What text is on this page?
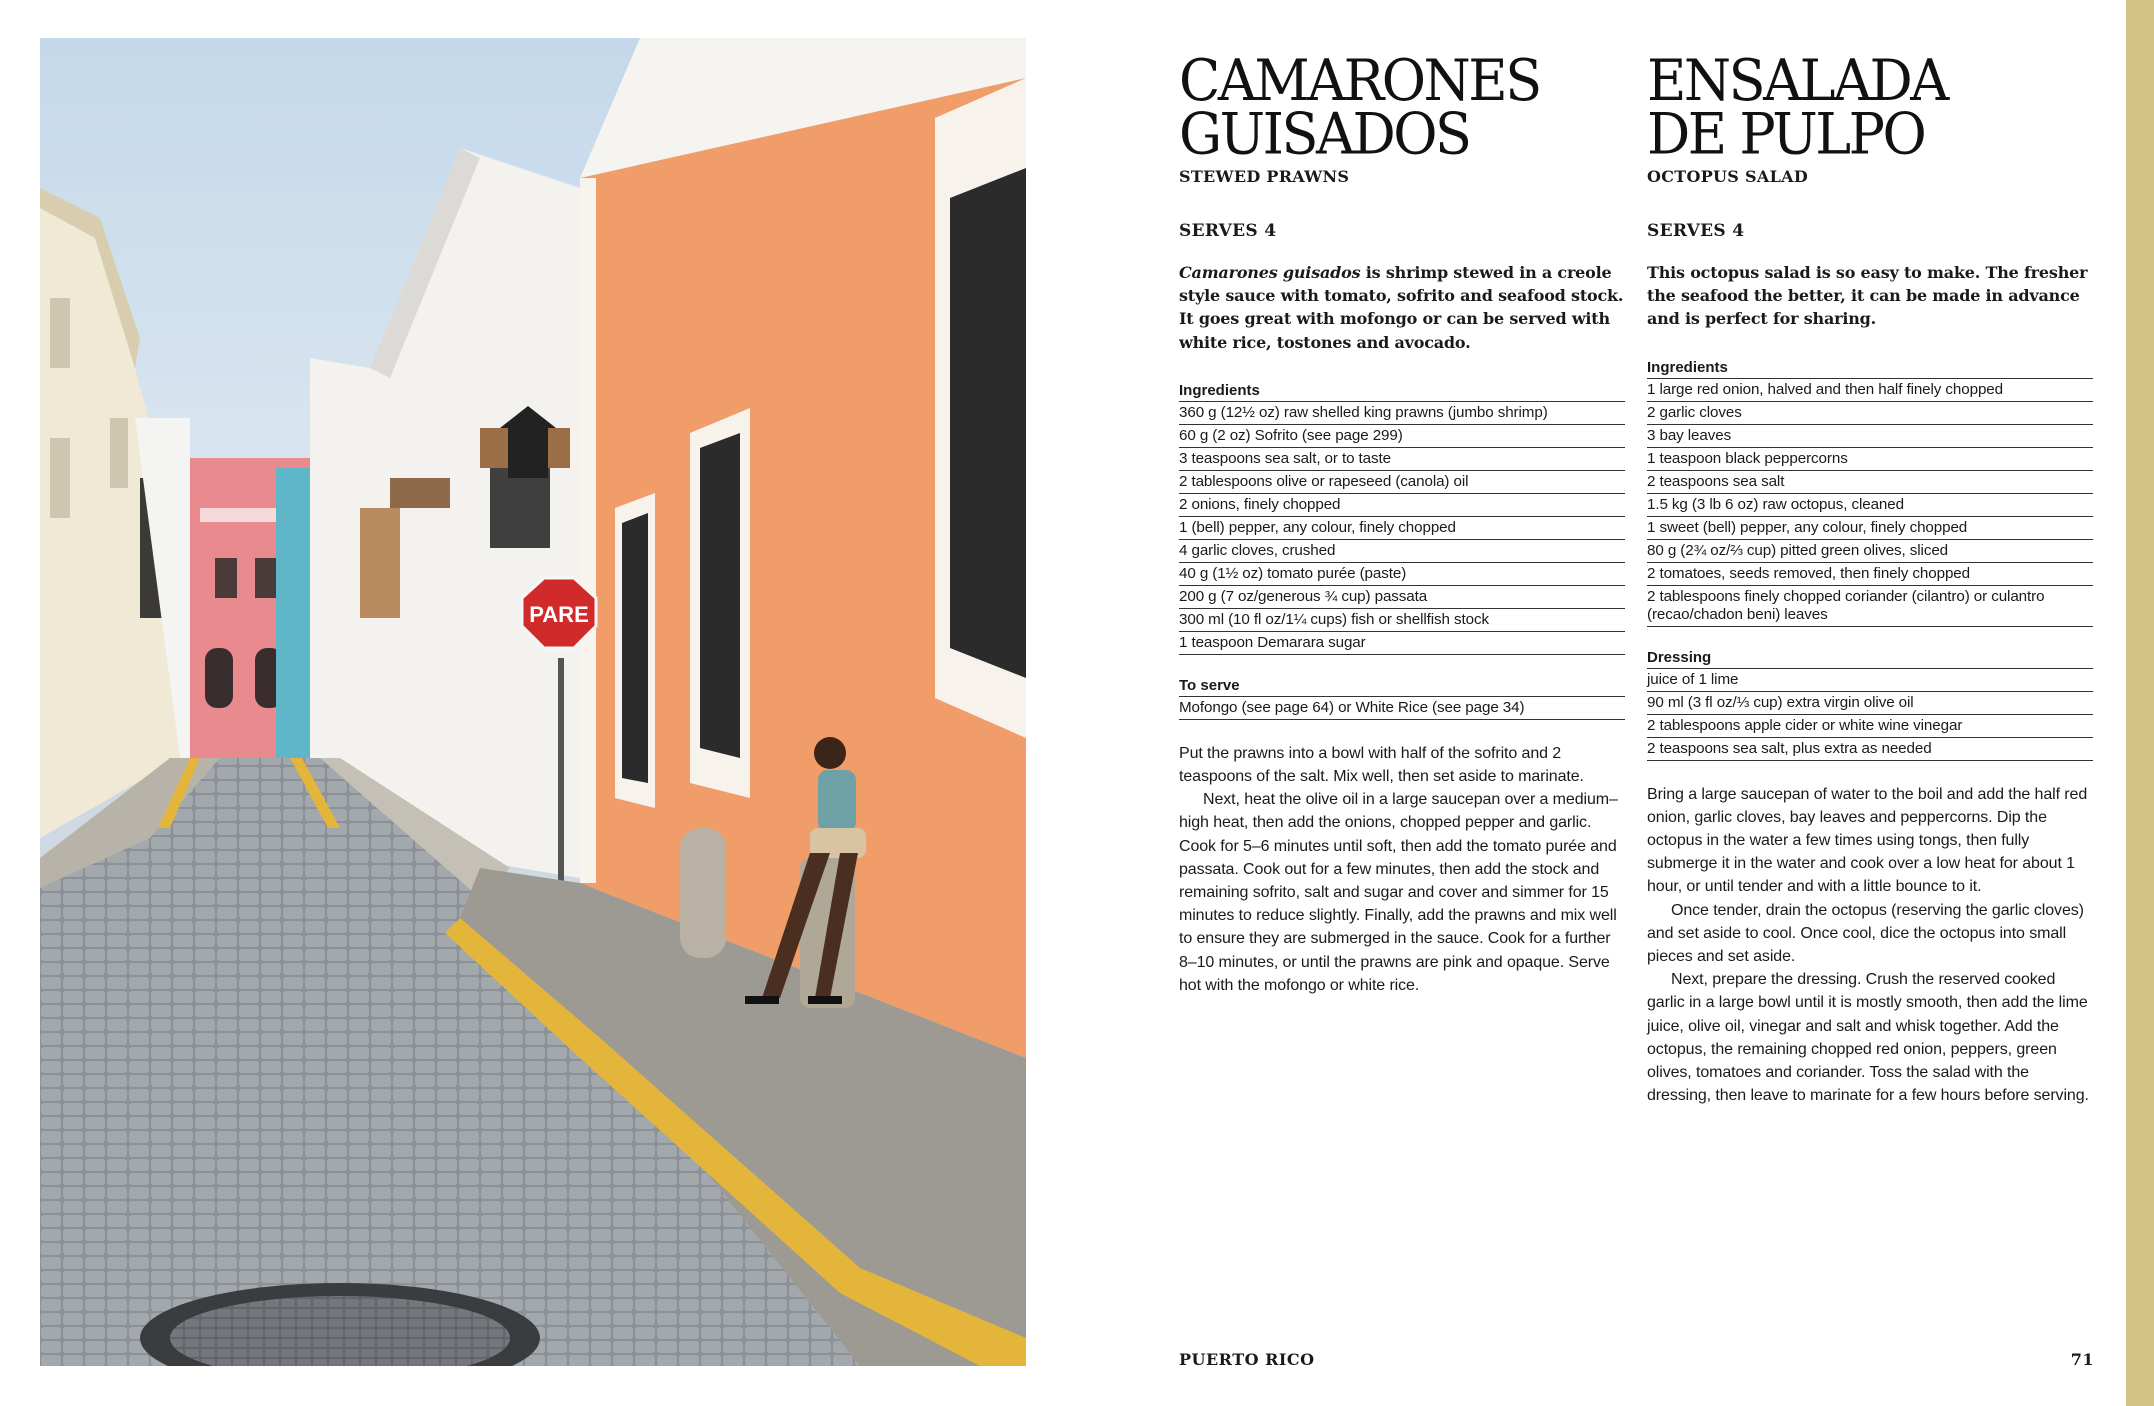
PARE
CAMARONES
GUISADOS
STEWED PRAWNS
SERVES 4

Camarones guisados is shrimp stewed in a creole style sauce with tomato, sofrito and seafood stock. It goes great with mofongo or can be served with white rice, tostones and avocado.

Ingredients
360 g (12½ oz) raw shelled king prawns (jumbo shrimp)
60 g (2 oz) Sofrito (see page 299)
3 teaspoons sea salt, or to taste
2 tablespoons olive or rapeseed (canola) oil
2 onions, finely chopped
1 (bell) pepper, any colour, finely chopped
4 garlic cloves, crushed
40 g (1½ oz) tomato purée (paste)
200 g (7 oz/generous ¾ cup) passata
300 ml (10 fl oz/1¼ cups) fish or shellfish stock
1 teaspoon Demarara sugar
To serve
Mofongo (see page 64) or White Rice (see page 34)

Put the prawns into a bowl with half of the sofrito and 2 teaspoons of the salt. Mix well, then set aside to marinate.

Next, heat the olive oil in a large saucepan over a medium–high heat, then add the onions, chopped pepper and garlic. Cook for 5–6 minutes until soft, then add the tomato purée and passata. Cook out for a few minutes, then add the stock and remaining sofrito, salt and sugar and cover and simmer for 15 minutes to reduce slightly. Finally, add the prawns and mix well to ensure they are submerged in the sauce. Cook for a further 8–10 minutes, or until the prawns are pink and opaque. Serve hot with the mofongo or white rice.

ENSALADA
DE PULPO
OCTOPUS SALAD
SERVES 4

This octopus salad is so easy to make. The fresher the seafood the better, it can be made in advance and is perfect for sharing.

Ingredients
1 large red onion, halved and then half finely chopped
2 garlic cloves
3 bay leaves
1 teaspoon black peppercorns
2 teaspoons sea salt
1.5 kg (3 lb 6 oz) raw octopus, cleaned
1 sweet (bell) pepper, any colour, finely chopped
80 g (2¾ oz/⅔ cup) pitted green olives, sliced
2 tomatoes, seeds removed, then finely chopped
2 tablespoons finely chopped coriander (cilantro) or culantro (recao/chadon beni) leaves
Dressing
juice of 1 lime
90 ml (3 fl oz/⅓ cup) extra virgin olive oil
2 tablespoons apple cider or white wine vinegar
2 teaspoons sea salt, plus extra as needed

Bring a large saucepan of water to the boil and add the half red onion, garlic cloves, bay leaves and peppercorns. Dip the octopus in the water a few times using tongs, then fully submerge it in the water and cook over a low heat for about 1 hour, or until tender and with a little bounce to it.

Once tender, drain the octopus (reserving the garlic cloves) and set aside to cool. Once cool, dice the octopus into small pieces and set aside.

Next, prepare the dressing. Crush the reserved cooked garlic in a large bowl until it is mostly smooth, then add the lime juice, olive oil, vinegar and salt and whisk together. Add the octopus, the remaining chopped red onion, peppers, green olives, tomatoes and coriander. Toss the salad with the dressing, then leave to marinate for a few hours before serving.

PUERTO RICO	71
